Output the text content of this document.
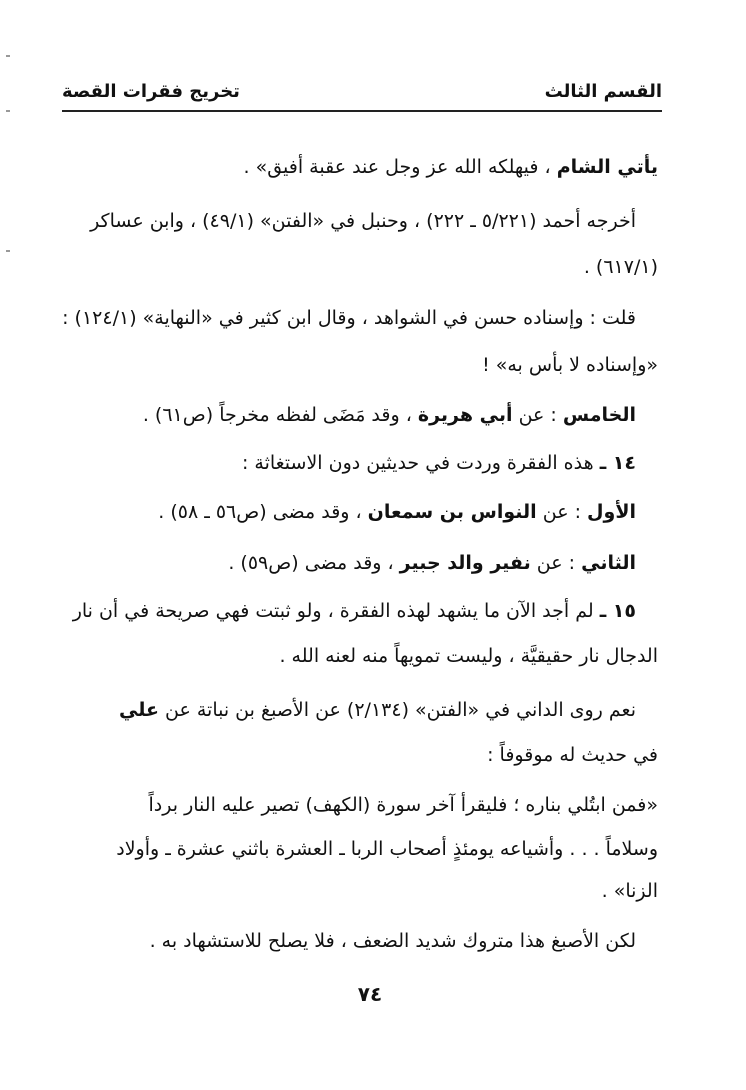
القسم الثالث
تخريج فقرات القصة
يأتي الشام ، فيهلكه الله عز وجل عند عقبة أفيق» .
أخرجه أحمد (٥/٢٢١ ـ ٢٢٢) ، وحنبل في «الفتن» (٤٩/١) ، وابن عساكر
(٦١٧/١) .
قلت : وإسناده حسن في الشواهد ، وقال ابن كثير في «النهاية» (١٢٤/١) :
«وإسناده لا بأس به» !
الخامس : عن أبي هريرة ، وقد مَضَى لفظه مخرجاً (ص٦١) .
١٤ ـ هذه الفقرة وردت في حديثين دون الاستغاثة :
الأول : عن النواس بن سمعان ، وقد مضى (ص٥٦ ـ ٥٨) .
الثاني : عن نفير والد جبير ، وقد مضى (ص٥٩) .
١٥ ـ لم أجد الآن ما يشهد لهذه الفقرة ، ولو ثبتت فهي صريحة في أن نار
الدجال نار حقيقيَّة ، وليست تمويهاً منه لعنه الله .
نعم روى الداني في «الفتن» (٢/١٣٤) عن الأصبغ بن نباتة عن علي
في حديث له موقوفاً :
«فمن ابتُلي بناره ؛ فليقرأ آخر سورة (الكهف) تصير عليه النار برداً
وسلاماً . . . وأشياعه يومئذٍ أصحاب الربا ـ العشرة باثني عشرة ـ وأولاد
الزنا» .
لكن الأصبغ هذا متروك شديد الضعف ، فلا يصلح للاستشهاد به .
٧٤
